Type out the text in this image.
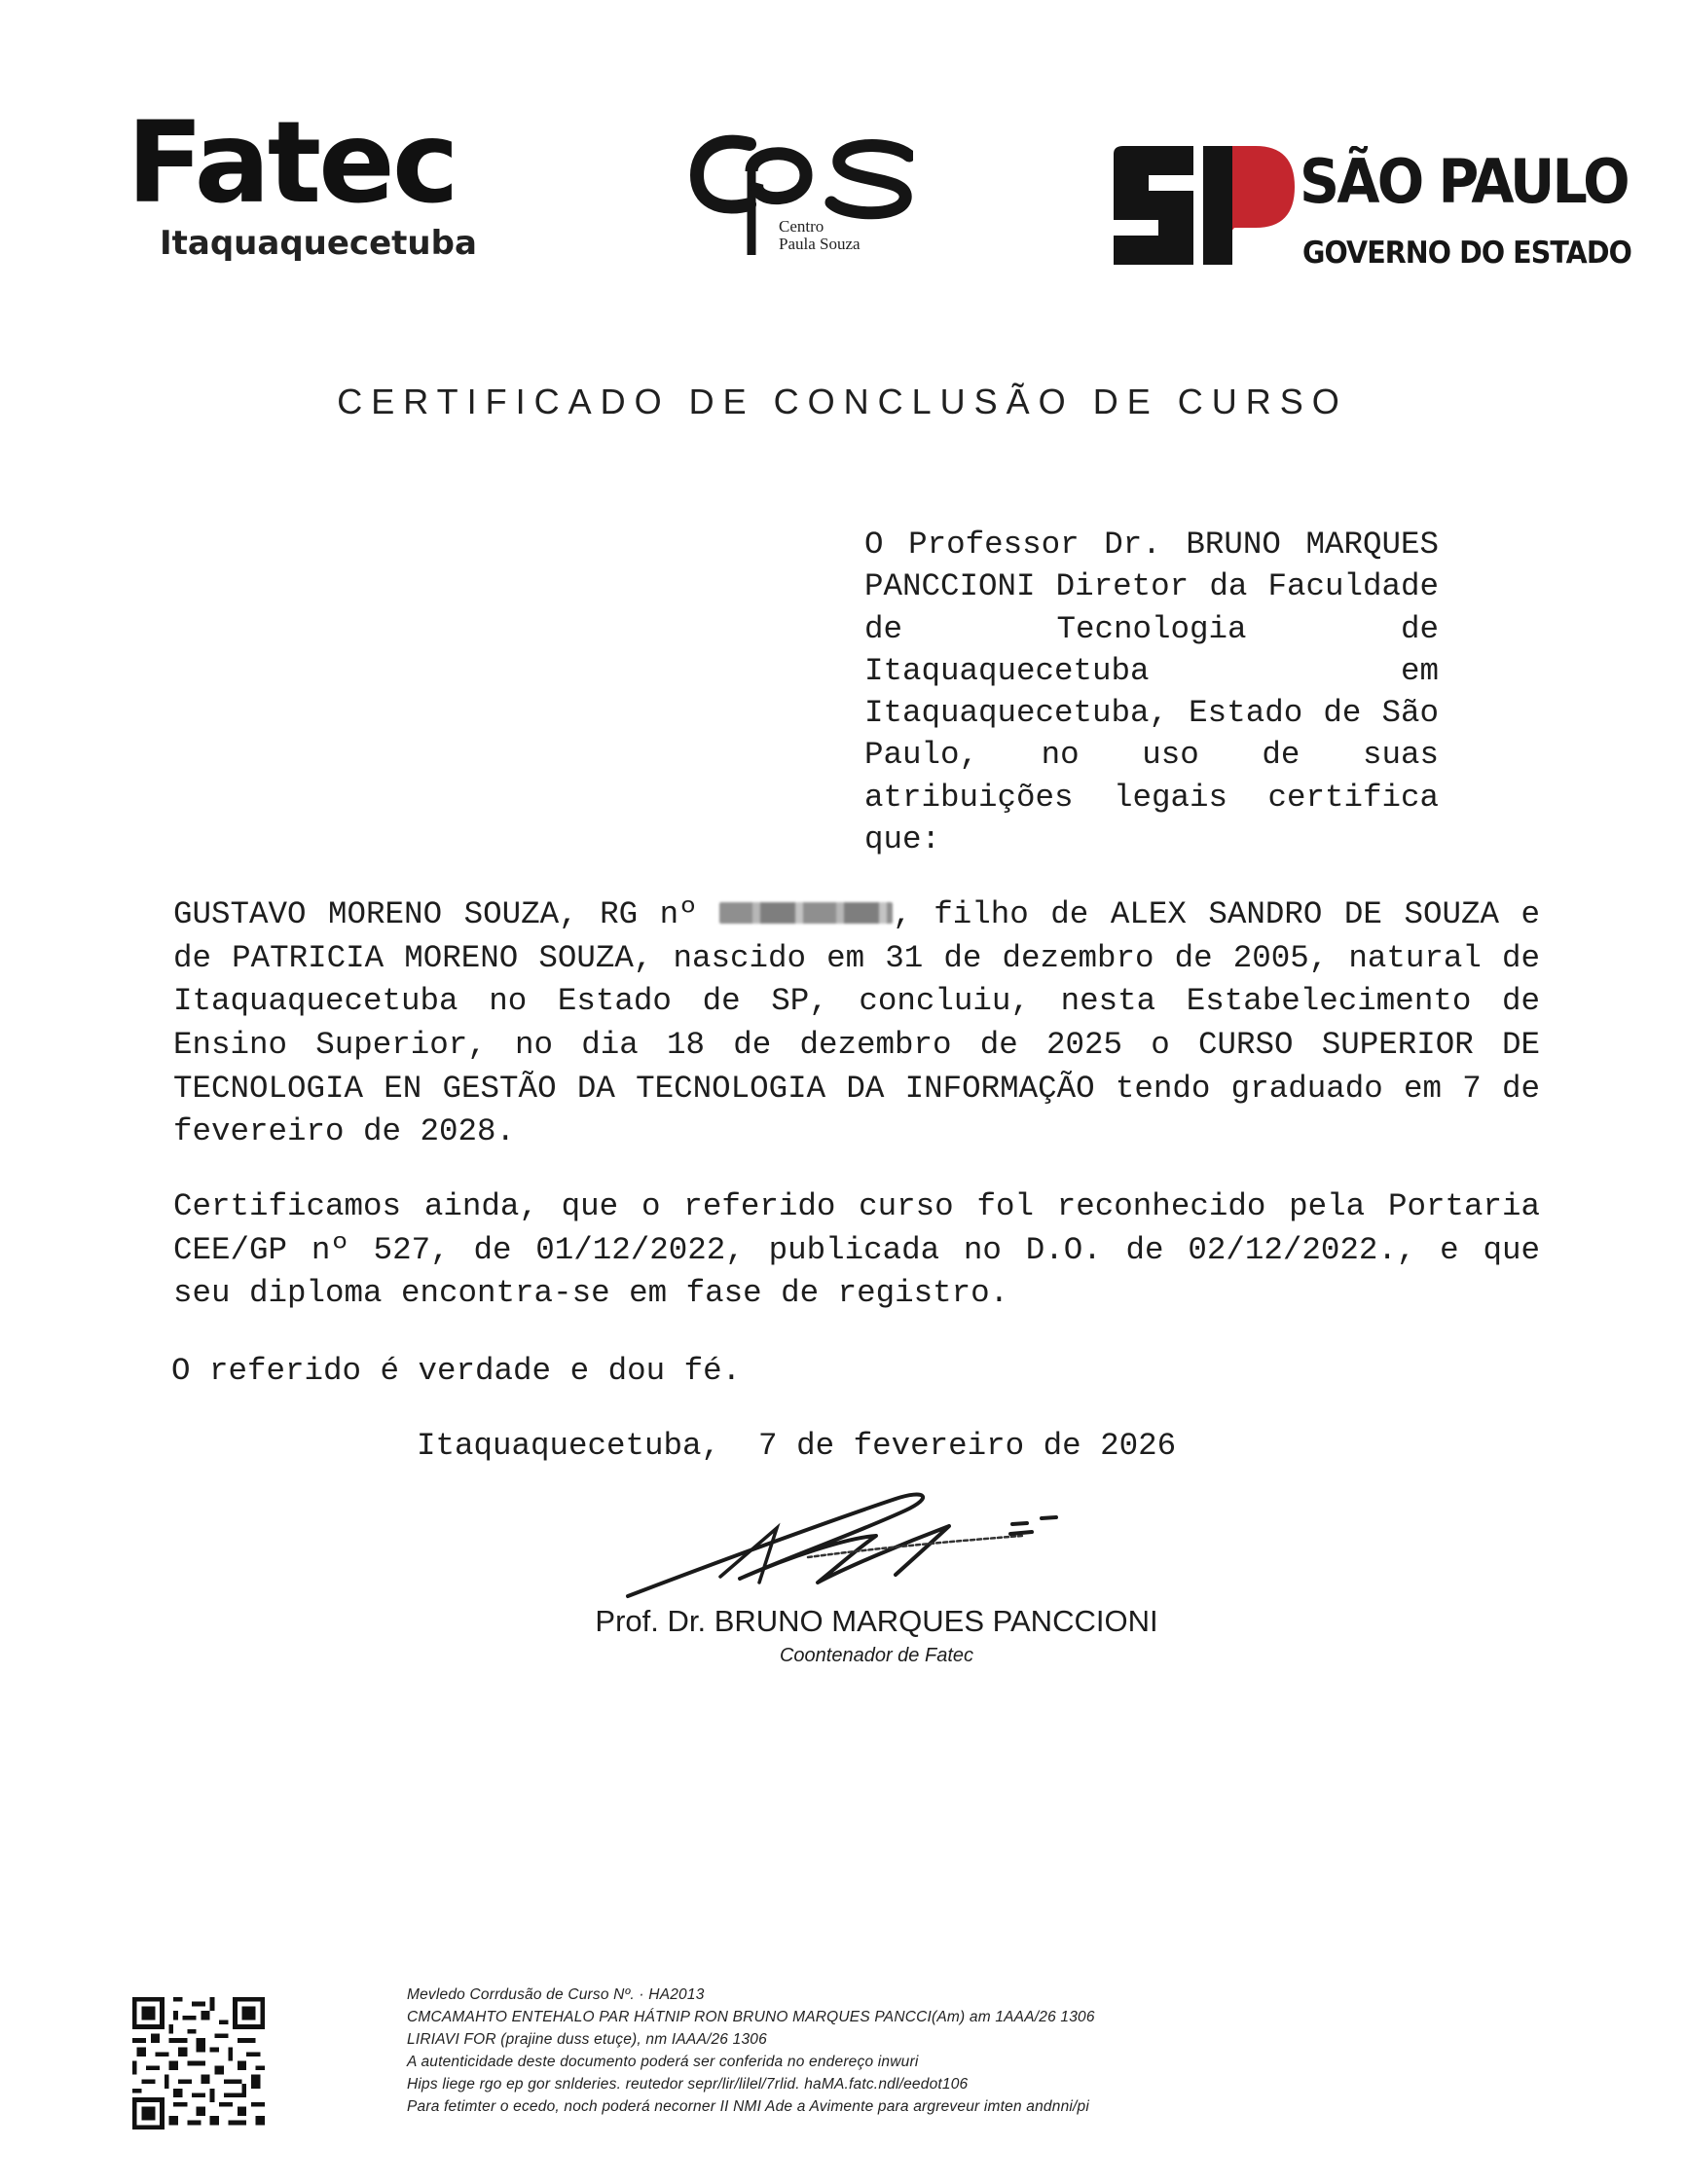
Fatec
Itaquaquecetuba	Centro
Paula Souza
SÃO PAULO
GOVERNO DO ESTADO
CERTIFICADO DE CONCLUSÃO DE CURSO
O Professor Dr. BRUNO MARQUES
PANCCIONI Diretor da Faculdade
de Tecnologia de
Itaquaquecetuba em
Itaquaquecetuba, Estado de São
Paulo, no uso de suas
atribuições legais certifica
que:
GUSTAVO MORENO SOUZA, RG nº	, filho de ALEX SANDRO DE SOUZA e
de PATRICIA MORENO SOUZA, nascido em 31 de dezembro de 2005, natural de
Itaquaquecetuba no Estado de SP, concluiu, nesta Estabelecimento de
Ensino Superior, no dia 18 de dezembro de 2025 o CURSO SUPERIOR DE
TECNOLOGIA EN GESTÃO DA TECNOLOGIA DA INFORMAÇÃO tendo graduado em 7 de
fevereiro de 2028.
Certificamos ainda, que o referido curso fol reconhecido pela Portaria
CEE/GP nº 527, de 01/12/2022, publicada no D.O. de 02/12/2022., e que
seu diploma encontra-se em fase de registro.
O referido é verdade e dou fé.
Itaquaquecetuba,  7 de fevereiro de 2026
Prof. Dr. BRUNO MARQUES PANCCIONI
Coontenador de Fatec
Mevledo Corrdusão de Curso Nº. · HA2013
CMCAMAHTO ENTEHALO PAR HÁTNIP RON BRUNO MARQUES PANCCI(Am) am 1AAA/26 1306
LIRIAVI FOR (prajine duss etuçe), nm IAAA/26 1306
A autenticidade deste documento poderá ser conferida no endereço inwuri
Hips liege rgo ep gor snlderies. reutedor sepr/lir/lilel/7rlid. haMA.fatc.ndl/eedot106
Para fetimter o ecedo, noch poderá necorner II NMI Ade a Avimente para argreveur imten andnni/pi
